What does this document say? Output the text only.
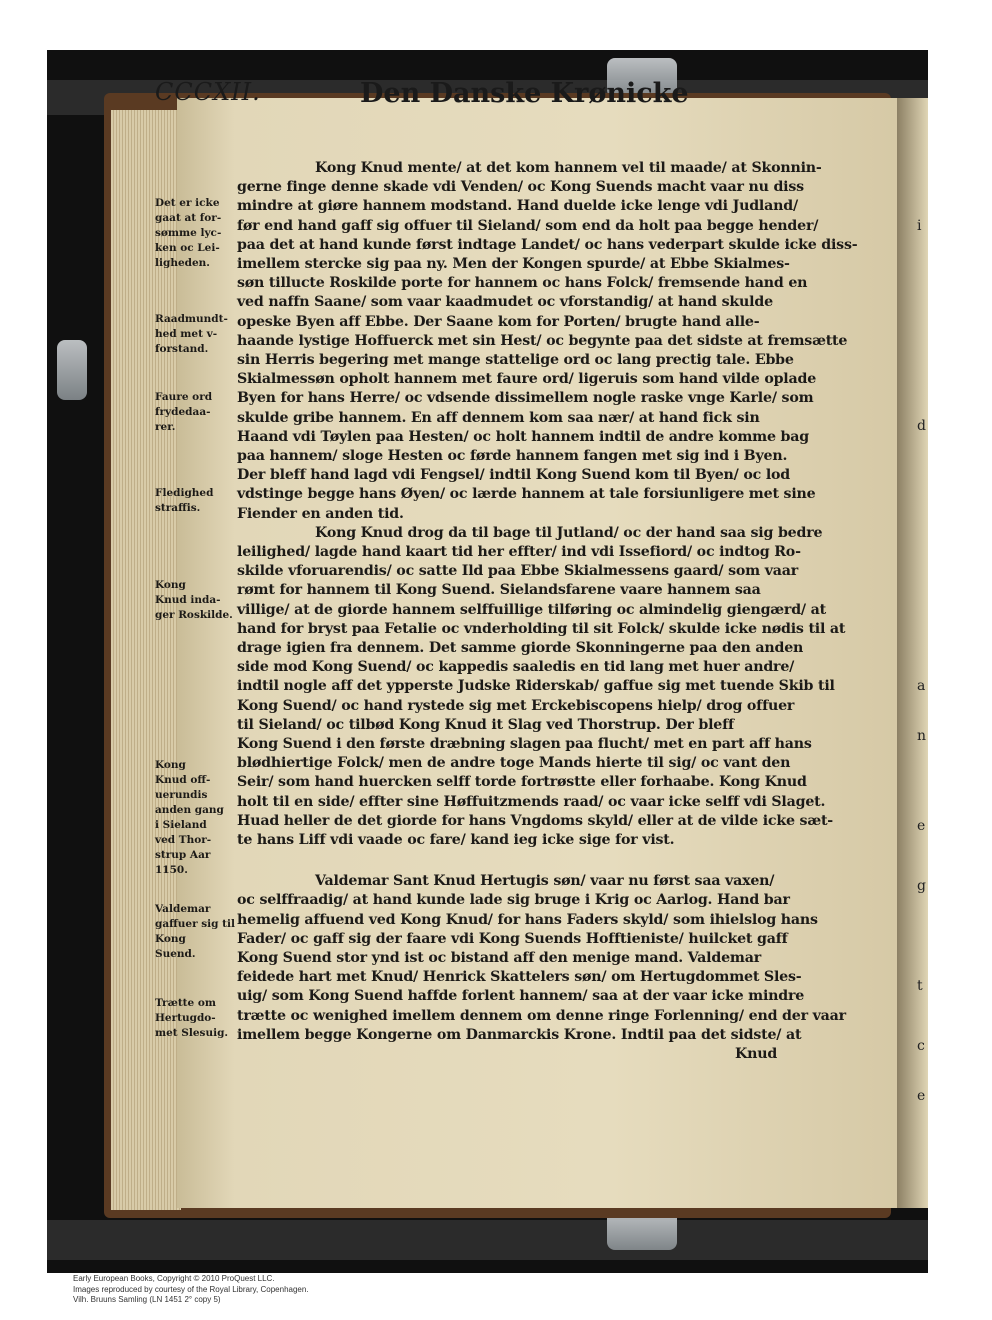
i
d
a
n
e
g
t
c
e
CCCXII.	Den Danske Krønicke
Kong Knud mente/ at det kom hannem vel til maade/ at Skonnin-
gerne finge denne skade vdi Venden/ oc Kong Suends macht vaar nu diss
mindre at giøre hannem modstand. Hand duelde icke lenge vdi Judland/
før end hand gaff sig offuer til Sieland/ som end da holt paa begge hender/
paa det at hand kunde først indtage Landet/ oc hans vederpart skulde icke diss-
imellem stercke sig paa ny. Men der Kongen spurde/ at Ebbe Skialmes-
søn tillucte Roskilde porte for hannem oc hans Folck/ fremsende hand en
ved naffn Saane/ som vaar kaadmudet oc vforstandig/ at hand skulde
opeske Byen aff Ebbe. Der Saane kom for Porten/ brugte hand alle-
haande lystige Hoffuerck met sin Hest/ oc begynte paa det sidste at fremsætte
sin Herris begering met mange stattelige ord oc lang prectig tale. Ebbe
Skialmessøn opholt hannem met faure ord/ ligeruis som hand vilde oplade
Byen for hans Herre/ oc vdsende dissimellem nogle raske vnge Karle/ som
skulde gribe hannem. En aff dennem kom saa nær/ at hand fick sin
Haand vdi Tøylen paa Hesten/ oc holt hannem indtil de andre komme bag
paa hannem/ sloge Hesten oc førde hannem fangen met sig ind i Byen.
Der bleff hand lagd vdi Fengsel/ indtil Kong Suend kom til Byen/ oc lod
vdstinge begge hans Øyen/ oc lærde hannem at tale forsiunligere met sine
Fiender en anden tid.
Kong Knud drog da til bage til Jutland/ oc der hand saa sig bedre
leilighed/ lagde hand kaart tid her effter/ ind vdi Issefiord/ oc indtog Ro-
skilde vforuarendis/ oc satte Ild paa Ebbe Skialmessens gaard/ som vaar
rømt for hannem til Kong Suend. Sielandsfarene vaare hannem saa
villige/ at de giorde hannem selffuillige tilføring oc almindelig giengærd/ at
hand for bryst paa Fetalie oc vnderholding til sit Folck/ skulde icke nødis til at
drage igien fra dennem. Det samme giorde Skonningerne paa den anden
side mod Kong Suend/ oc kappedis saaledis en tid lang met huer andre/
indtil nogle aff det ypperste Judske Riderskab/ gaffue sig met tuende Skib til
Kong Suend/ oc hand rystede sig met Erckebiscopens hielp/ drog offuer
til Sieland/ oc tilbød Kong Knud it Slag ved Thorstrup. Der bleff
Kong Suend i den første dræbning slagen paa flucht/ met en part aff hans
blødhiertige Folck/ men de andre toge Mands hierte til sig/ oc vant den
Seir/ som hand huercken selff torde fortrøstte eller forhaabe. Kong Knud
holt til en side/ effter sine Høffuitzmends raad/ oc vaar icke selff vdi Slaget.
Huad heller de det giorde for hans Vngdoms skyld/ eller at de vilde icke sæt-
te hans Liff vdi vaade oc fare/ kand ieg icke sige for vist.
Valdemar Sant Knud Hertugis søn/ vaar nu først saa vaxen/
oc selffraadig/ at hand kunde lade sig bruge i Krig oc Aarlog. Hand bar
hemelig affuend ved Kong Knud/ for hans Faders skyld/ som ihielslog hans
Fader/ oc gaff sig der faare vdi Kong Suends Hofftieniste/ huilcket gaff
Kong Suend stor ynd ist oc bistand aff den menige mand. Valdemar
feidede hart met Knud/ Henrick Skattelers søn/ om Hertugdommet Sles-
uig/ som Kong Suend haffde forlent hannem/ saa at der vaar icke mindre
trætte oc wenighed imellem dennem om denne ringe Forlenning/ end der vaar
imellem begge Kongerne om Danmarckis Krone. Indtil paa det sidste/ at
Knud
Det er icke
gaat at for-
sømme lyc-
ken oc Lei-
ligheden.
Raadmundt-
hed met v-
forstand.
Faure ord
frydedaa-
rer.
Fledighed
straffis.
Kong
Knud inda-
ger Roskilde.
Kong
Knud off-
uerundis
anden gang
i Sieland
ved Thor-
strup Aar
1150.
Valdemar
gaffuer sig til
Kong
Suend.
Trætte om
Hertugdo-
met Slesuig.
Early European Books, Copyright © 2010 ProQuest LLC.
Images reproduced by courtesy of the Royal Library, Copenhagen.
Vilh. Bruuns Samling (LN 1451 2° copy 5)
